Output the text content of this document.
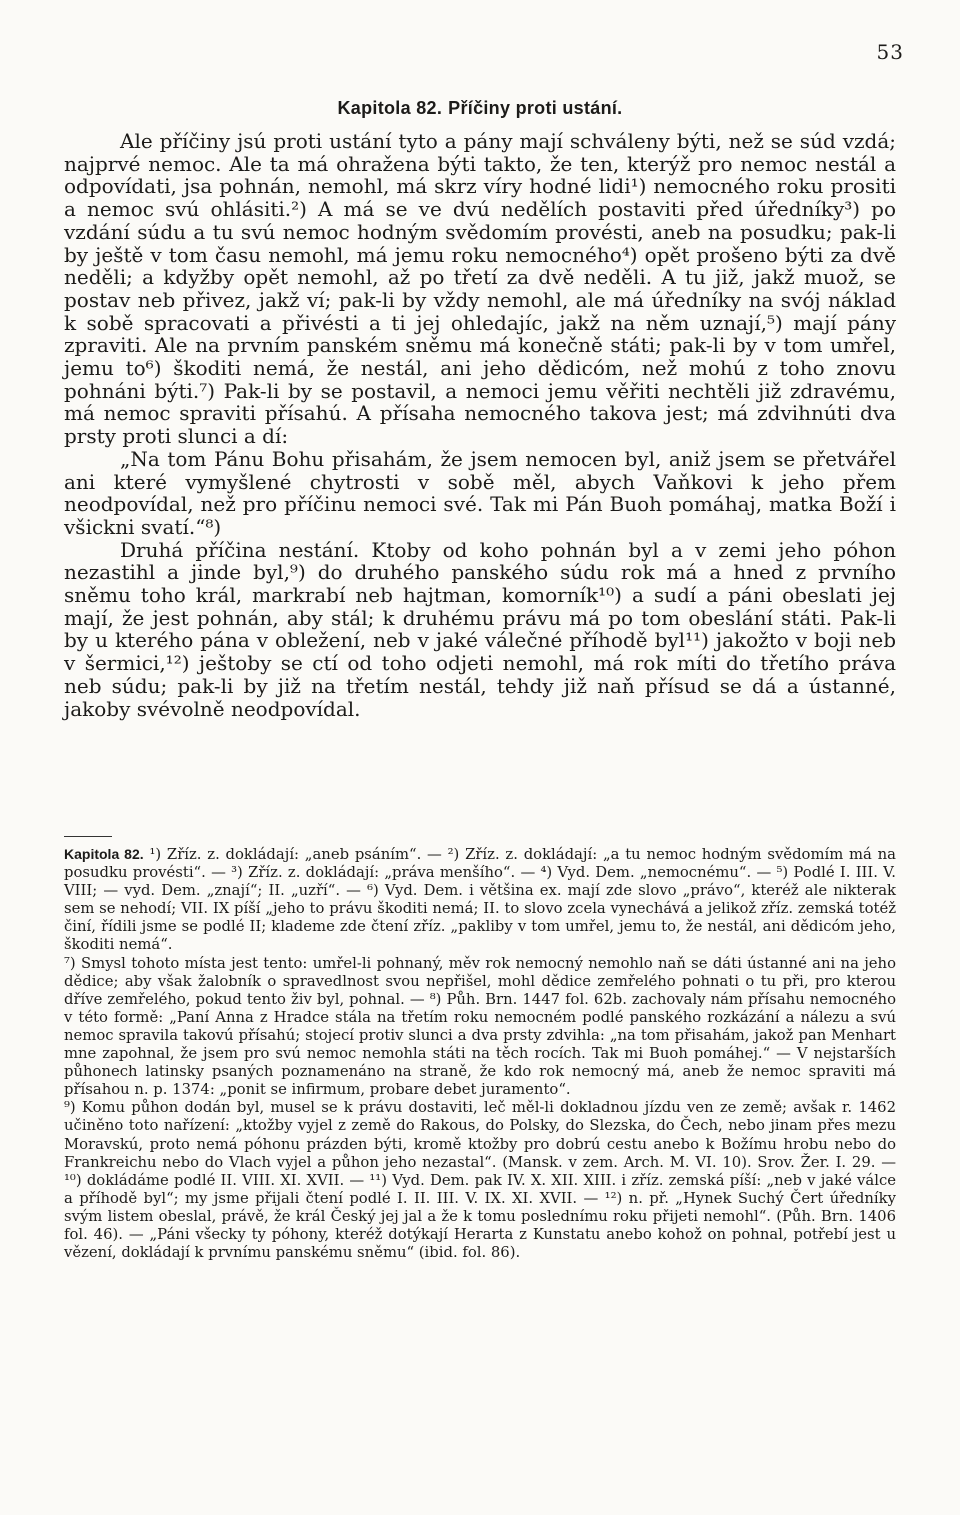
53
Kapitola 82. Příčiny proti ustání.

Ale příčiny jsú proti ustání tyto a pány mají schváleny býti, než se súd vzdá; najprvé nemoc. Ale ta má ohražena býti takto, že ten, kterýž pro nemoc nestál a odpovídati, jsa pohnán, nemohl, má skrz víry hodné lidi¹) nemocného roku prositi a nemoc svú ohlásiti.²) A má se ve dvú nedělích postaviti před úředníky³) po vzdání súdu a tu svú nemoc hodným svědomím provésti, aneb na posudku; pak-li by ještě v tom času nemohl, má jemu roku nemocného⁴) opět prošeno býti za dvě neděli; a kdyžby opět nemohl, až po třetí za dvě neděli. A tu již, jakž muož, se postav neb přivez, jakž ví; pak-li by vždy nemohl, ale má úředníky na svój náklad k sobě spracovati a přivésti a ti jej ohledajíc, jakž na něm uznají,⁵) mají pány zpraviti. Ale na prvním panském sněmu má konečně státi; pak-li by v tom umřel, jemu to⁶) škoditi nemá, že nestál, ani jeho dědicóm, než mohú z toho znovu pohnáni býti.⁷) Pak-li by se postavil, a nemoci jemu věřiti nechtěli již zdravému, má nemoc spraviti přísahú. A přísaha nemocného takova jest; má zdvihnúti dva prsty proti slunci a dí:

„Na tom Pánu Bohu přisahám, že jsem nemocen byl, aniž jsem se přetvářel ani které vymyšlené chytrosti v sobě měl, abych Vaňkovi k jeho přem neodpovídal, než pro příčinu nemoci své. Tak mi Pán Buoh pomáhaj, matka Boží i všickni svatí.“⁸)

Druhá příčina nestání. Ktoby od koho pohnán byl a v zemi jeho póhon nezastihl a jinde byl,⁹) do druhého panského súdu rok má a hned z prvního sněmu toho král, markrabí neb hajtman, komorník¹⁰) a sudí a páni obeslati jej mají, že jest pohnán, aby stál; k druhému právu má po tom obeslání státi. Pak-li by u kterého pána v obležení, neb v jaké válečné příhodě byl¹¹) jakožto v boji neb v šermici,¹²) ještoby se ctí od toho odjeti nemohl, má rok míti do třetího práva neb súdu; pak-li by již na třetím nestál, tehdy již naň přísud se dá a ústanné, jakoby svévolně neodpovídal.

Kapitola 82. ¹) Zříz. z. dokládají: „aneb psáním“. — ²) Zříz. z. dokládají: „a tu nemoc hodným svědomím má na posudku provésti“. — ³) Zříz. z. dokládají: „práva menšího“. — ⁴) Vyd. Dem. „nemocnému“. — ⁵) Podlé I. III. V. VIII; — vyd. Dem. „znají“; II. „uzří“. — ⁶) Vyd. Dem. i většina ex. mají zde slovo „právo“, kteréž ale nikterak sem se nehodí; VII. IX píší „jeho to právu škoditi nemá; II. to slovo zcela vynechává a jelikož zříz. zemská totéž činí, řídili jsme se podlé II; klademe zde čtení zříz. „pakliby v tom umřel, jemu to, že nestál, ani dědicóm jeho, škoditi nemá“.
⁷) Smysl tohoto místa jest tento: umřel-li pohnaný, měv rok nemocný nemohlo naň se dáti ústanné ani na jeho dědice; aby však žalobník o spravedlnost svou nepřišel, mohl dědice zemřelého pohnati o tu při, pro kterou dříve zemřelého, pokud tento živ byl, pohnal. — ⁸) Půh. Brn. 1447 fol. 62b. zachovaly nám přísahu nemocného v této formě: „Paní Anna z Hradce stála na třetím roku nemocném podlé panského rozkázání a nálezu a svú nemoc spravila takovú přísahú; stojecí protiv slunci a dva prsty zdvihla: „na tom přisahám, jakož pan Menhart mne zapohnal, že jsem pro svú nemoc nemohla státi na těch rocích. Tak mi Buoh pomáhej.“ — V nejstarších půhonech latinsky psaných poznamenáno na straně, že kdo rok nemocný má, aneb že nemoc spraviti má přísahou n. p. 1374: „ponit se infirmum, probare debet juramento“.
⁹) Komu půhon dodán byl, musel se k právu dostaviti, leč měl-li dokladnou jízdu ven ze země; avšak r. 1462 učiněno toto nařízení: „ktožby vyjel z země do Rakous, do Polsky, do Slezska, do Čech, nebo jinam přes mezu Moravskú, proto nemá póhonu prázden býti, kromě ktožby pro dobrú cestu anebo k Božímu hrobu nebo do Frankreichu nebo do Vlach vyjel a půhon jeho nezastal“. (Mansk. v zem. Arch. M. VI. 10). Srov. Žer. I. 29. — ¹⁰) dokládáme podlé II. VIII. XI. XVII. — ¹¹) Vyd. Dem. pak IV. X. XII. XIII. i zříz. zemská píší: „neb v jaké válce a příhodě byl“; my jsme přijali čtení podlé I. II. III. V. IX. XI. XVII. — ¹²) n. př. „Hynek Suchý Čert úředníky svým listem obeslal, právě, že král Český jej jal a že k tomu poslednímu roku přijeti nemohl“. (Půh. Brn. 1406 fol. 46). — „Páni všecky ty póhony, kteréž dotýkají Herarta z Kunstatu anebo kohož on pohnal, potřebí jest u vězení, dokládají k prvnímu panskému sněmu“ (ibid. fol. 86).
